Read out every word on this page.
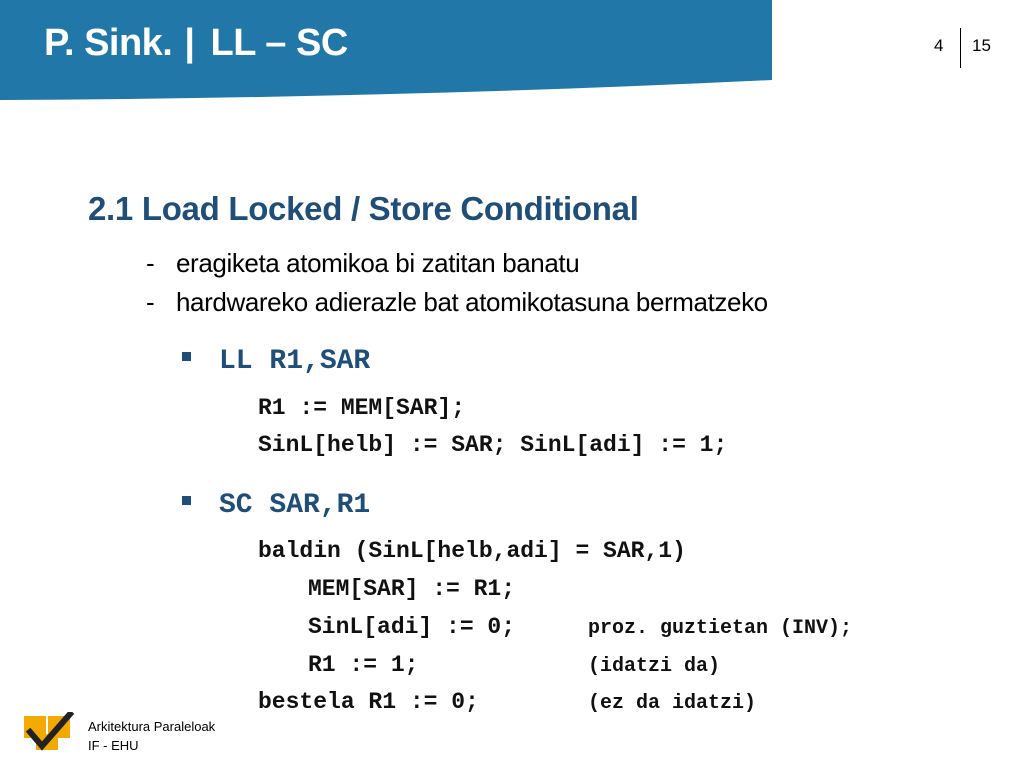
P. Sink. | LL – SC	4 15
2.1 Load Locked / Store Conditional
- eragiketa atomikoa bi zatitan banatu
- hardwareko adierazle bat atomikotasuna bermatzeko
LL R1,SAR
R1 := MEM[SAR];
SinL[helb] := SAR; SinL[adi] := 1;
SC SAR,R1
baldin (SinL[helb,adi] = SAR,1)
MEM[SAR] := R1;
SinL[adi] := 0;
R1 := 1;
bestela R1 := 0;
proz. guztietan (INV);
(idatzi da)
(ez da idatzi)
Arkitektura Paraleloak
IF - EHU
